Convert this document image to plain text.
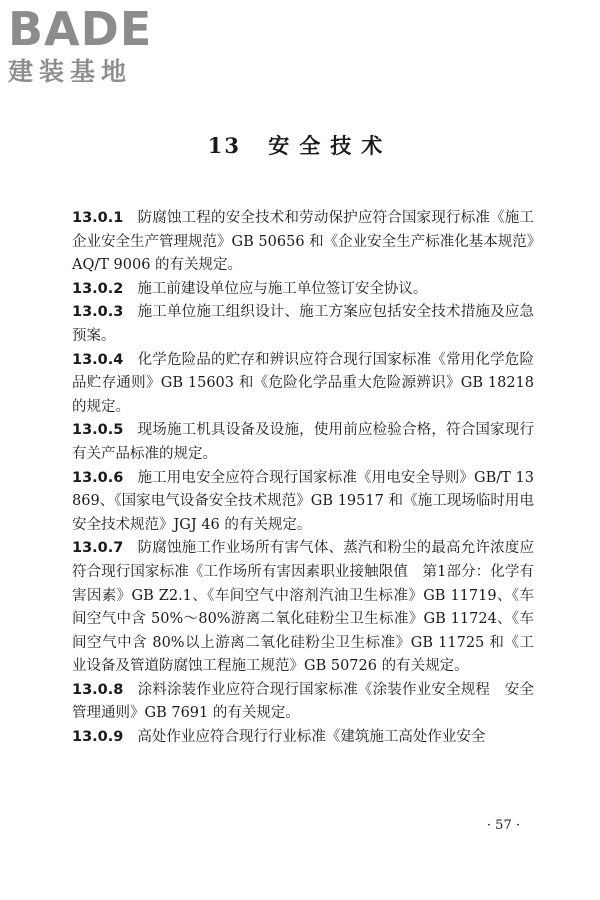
BADE
建装基地
13 安全技术

13.0.1 防腐蚀工程的安全技术和劳动保护应符合国家现行标准《施工企业安全生产管理规范》GB 50656 和《企业安全生产标准化基本规范》AQ/T 9006 的有关规定。

13.0.2 施工前建设单位应与施工单位签订安全协议。

13.0.3 施工单位施工组织设计、施工方案应包括安全技术措施及应急预案。

13.0.4 化学危险品的贮存和辨识应符合现行国家标准《常用化学危险品贮存通则》GB 15603 和《危险化学品重大危险源辨识》GB 18218 的规定。

13.0.5 现场施工机具设备及设施，使用前应检验合格，符合国家现行有关产品标准的规定。

13.0.6 施工用电安全应符合现行国家标准《用电安全导则》GB/T 13869、《国家电气设备安全技术规范》GB 19517 和《施工现场临时用电安全技术规范》JGJ 46 的有关规定。

13.0.7 防腐蚀施工作业场所有害气体、蒸汽和粉尘的最高允许浓度应符合现行国家标准《工作场所有害因素职业接触限值　第1部分：化学有害因素》GB Z2.1、《车间空气中溶剂汽油卫生标准》GB 11719、《车间空气中含 50%～80%游离二氧化硅粉尘卫生标准》GB 11724、《车间空气中含 80%以上游离二氧化硅粉尘卫生标准》GB 11725 和《工业设备及管道防腐蚀工程施工规范》GB 50726 的有关规定。

13.0.8 涂料涂装作业应符合现行国家标准《涂装作业安全规程　安全管理通则》GB 7691 的有关规定。

13.0.9 高处作业应符合现行行业标准《建筑施工高处作业安全

· 57 ·
